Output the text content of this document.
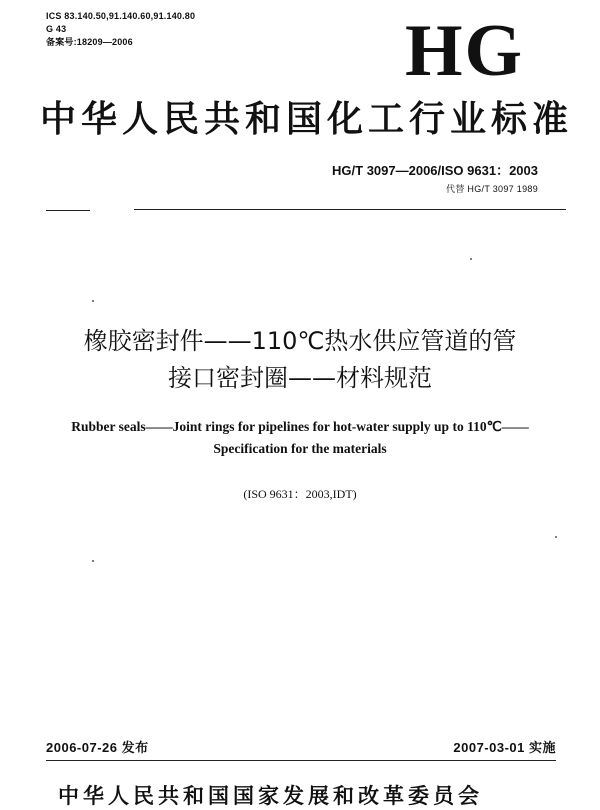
ICS 83.140.50,91.140.60,91.140.80
G 43
备案号:18209—2006	HG
中华人民共和国化工行业标准
HG/T 3097—2006/ISO 9631：2003
代替 HG/T 3097 1989
橡胶密封件——110℃热水供应管道的管
接口密封圈——材料规范
Rubber seals——Joint rings for pipelines for hot-water supply up to 110℃——
Specification for the materials
(ISO 9631：2003,IDT)
2006-07-26 发布	2007-03-01 实施
中华人民共和国国家发展和改革委员会
